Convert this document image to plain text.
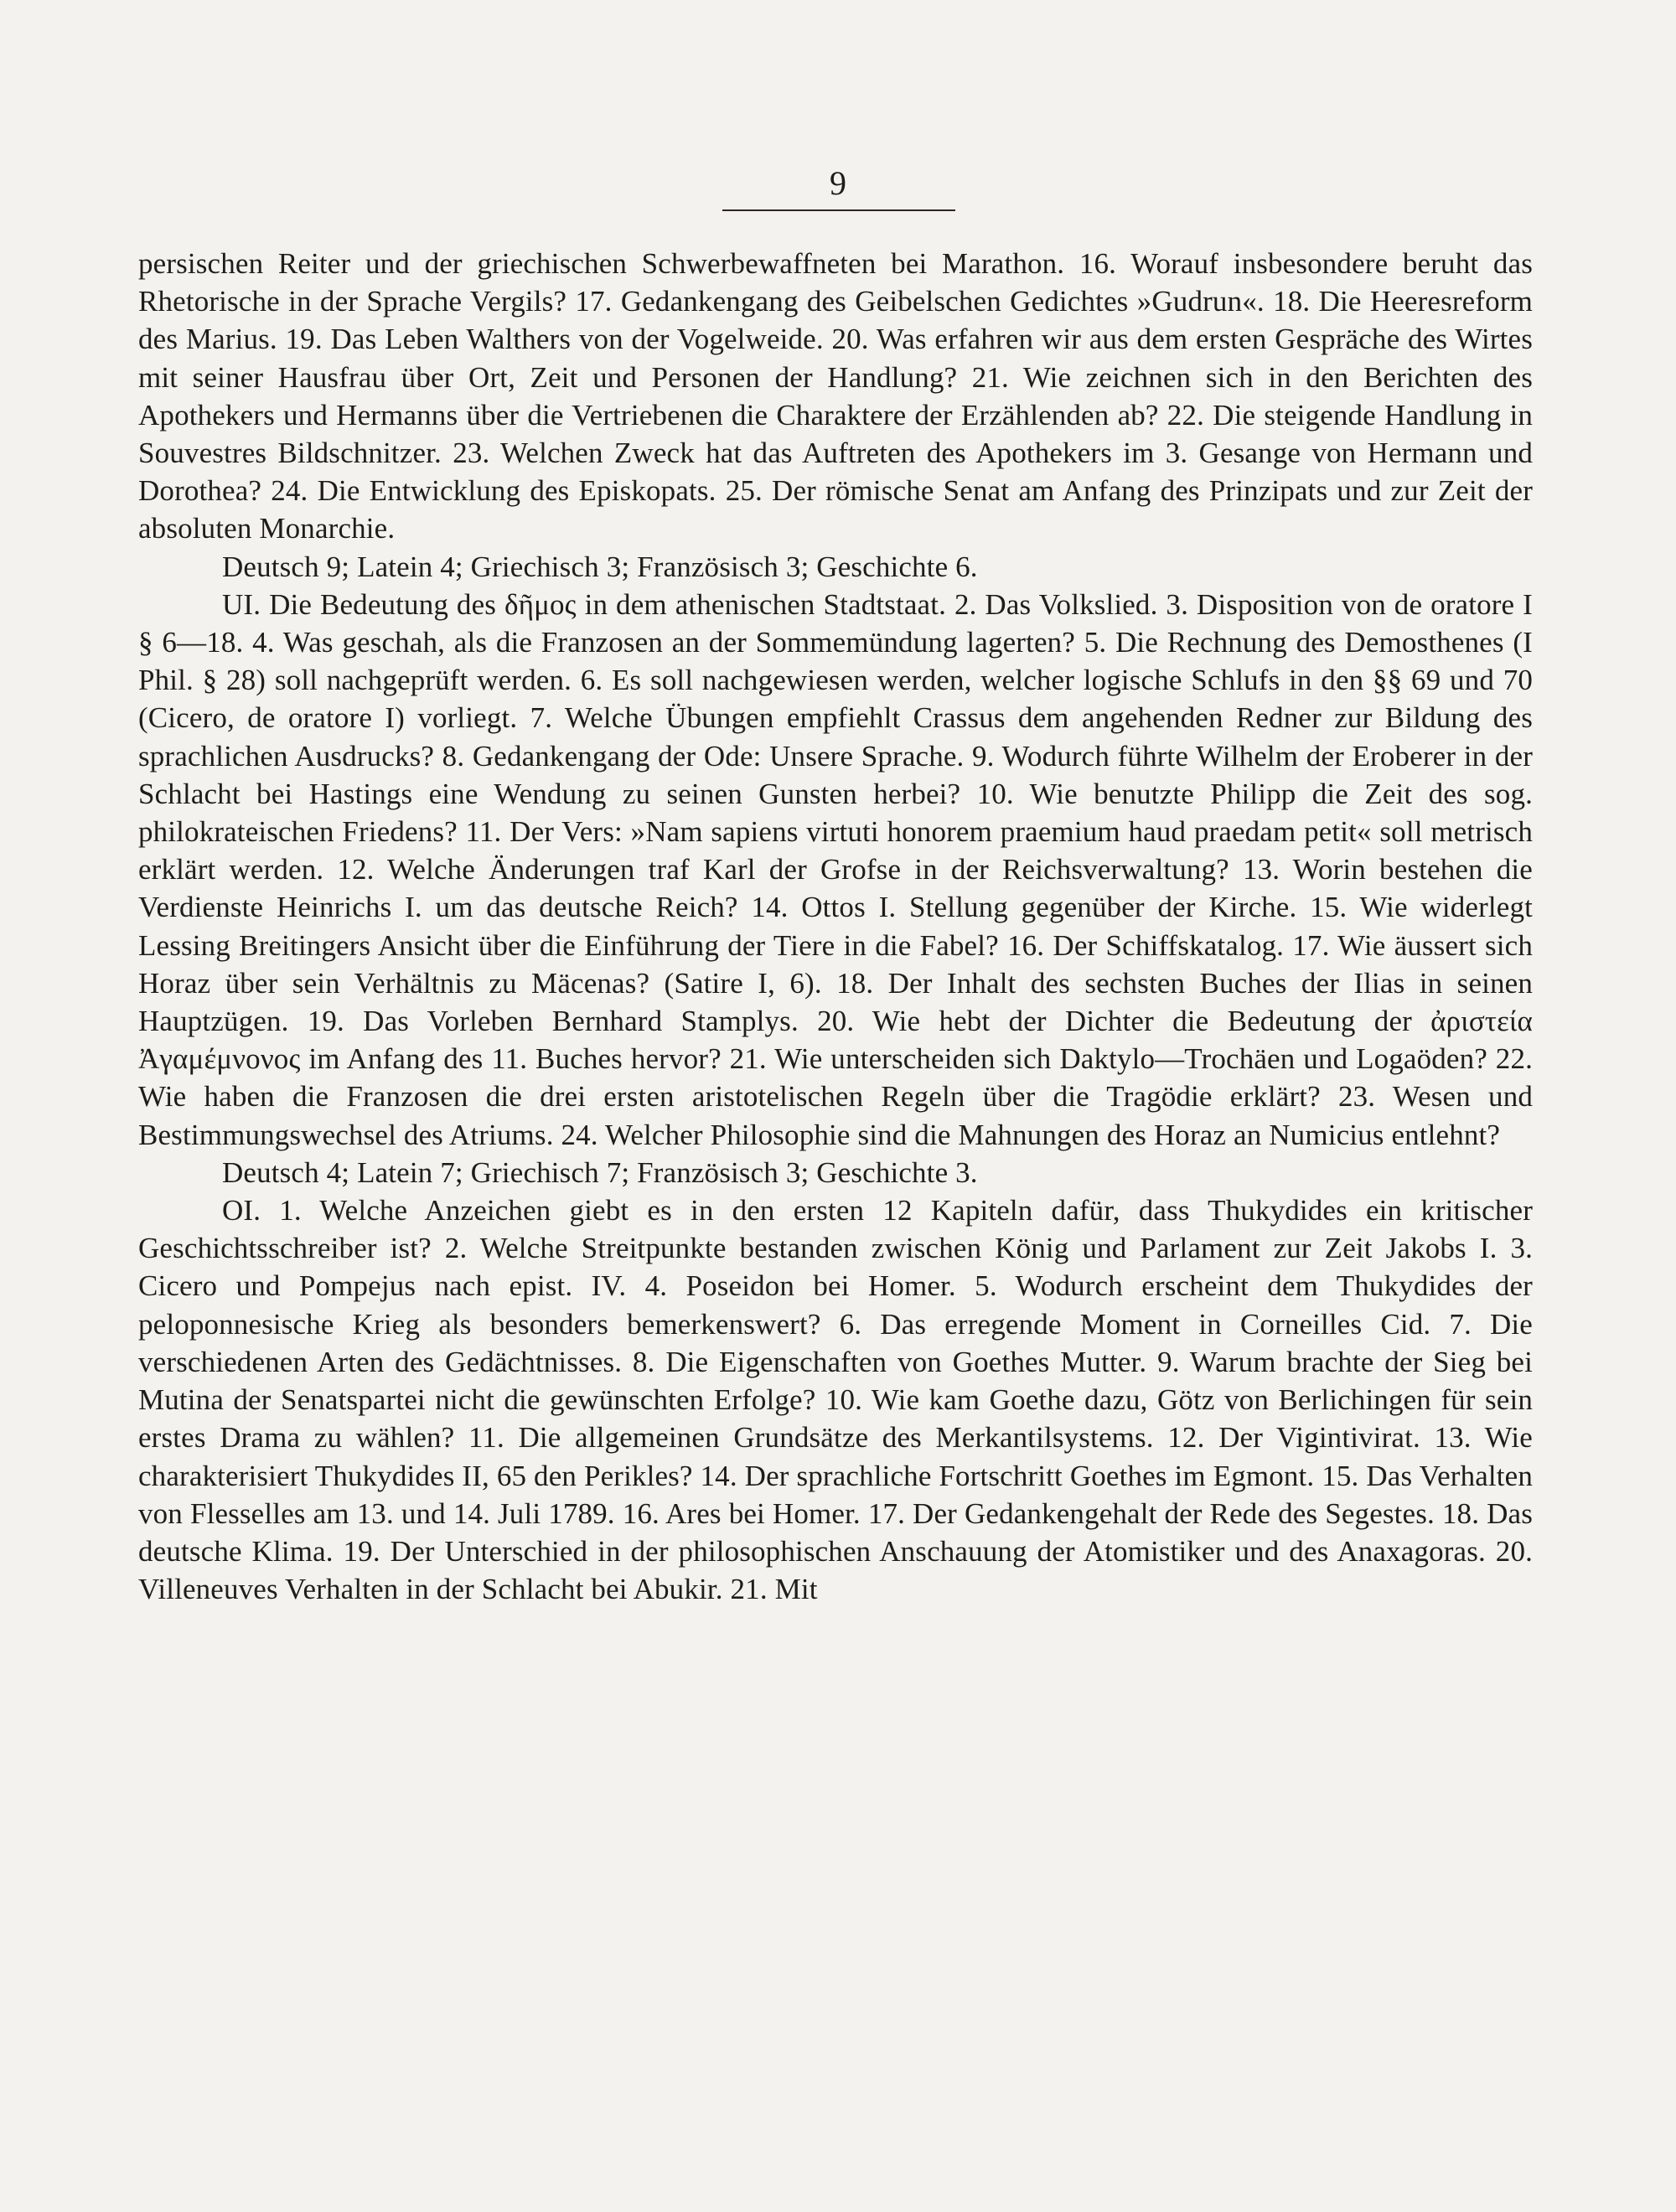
9

persischen Reiter und der griechischen Schwerbewaffneten bei Marathon. 16. Worauf insbesondere beruht das Rhetorische in der Sprache Vergils? 17. Gedankengang des Geibelschen Gedichtes »Gudrun«. 18. Die Heeresreform des Marius. 19. Das Leben Walthers von der Vogelweide. 20. Was erfahren wir aus dem ersten Gespräche des Wirtes mit seiner Hausfrau über Ort, Zeit und Personen der Handlung? 21. Wie zeichnen sich in den Berichten des Apothekers und Hermanns über die Vertriebenen die Charaktere der Erzählenden ab? 22. Die steigende Handlung in Souvestres Bildschnitzer. 23. Welchen Zweck hat das Auftreten des Apothekers im 3. Gesange von Hermann und Dorothea? 24. Die Entwicklung des Episkopats. 25. Der römische Senat am Anfang des Prinzipats und zur Zeit der absoluten Monarchie.

Deutsch 9; Latein 4; Griechisch 3; Französisch 3; Geschichte 6.

UI. Die Bedeutung des δῆμος in dem athenischen Stadtstaat. 2. Das Volkslied. 3. Disposition von de oratore I § 6—18. 4. Was geschah, als die Franzosen an der Sommemündung lagerten? 5. Die Rechnung des Demosthenes (I Phil. § 28) soll nachgeprüft werden. 6. Es soll nachgewiesen werden, welcher logische Schlufs in den §§ 69 und 70 (Cicero, de oratore I) vorliegt. 7. Welche Übungen empfiehlt Crassus dem angehenden Redner zur Bildung des sprachlichen Ausdrucks? 8. Gedankengang der Ode: Unsere Sprache. 9. Wodurch führte Wilhelm der Eroberer in der Schlacht bei Hastings eine Wendung zu seinen Gunsten herbei? 10. Wie benutzte Philipp die Zeit des sog. philokrateischen Friedens? 11. Der Vers: »Nam sapiens virtuti honorem praemium haud praedam petit« soll metrisch erklärt werden. 12. Welche Änderungen traf Karl der Grofse in der Reichsverwaltung? 13. Worin bestehen die Verdienste Heinrichs I. um das deutsche Reich? 14. Ottos I. Stellung gegenüber der Kirche. 15. Wie widerlegt Lessing Breitingers Ansicht über die Einführung der Tiere in die Fabel? 16. Der Schiffskatalog. 17. Wie äussert sich Horaz über sein Verhältnis zu Mäcenas? (Satire I, 6). 18. Der Inhalt des sechsten Buches der Ilias in seinen Hauptzügen. 19. Das Vorleben Bernhard Stamplys. 20. Wie hebt der Dichter die Bedeutung der ἀριστεία Ἀγαμέμνονος im Anfang des 11. Buches hervor? 21. Wie unterscheiden sich Daktylo—Trochäen und Logaöden? 22. Wie haben die Franzosen die drei ersten aristotelischen Regeln über die Tragödie erklärt? 23. Wesen und Bestimmungswechsel des Atriums. 24. Welcher Philosophie sind die Mahnungen des Horaz an Numicius entlehnt?

Deutsch 4; Latein 7; Griechisch 7; Französisch 3; Geschichte 3.

OI. 1. Welche Anzeichen giebt es in den ersten 12 Kapiteln dafür, dass Thukydides ein kritischer Geschichtsschreiber ist? 2. Welche Streitpunkte bestanden zwischen König und Parlament zur Zeit Jakobs I. 3. Cicero und Pompejus nach epist. IV. 4. Poseidon bei Homer. 5. Wodurch erscheint dem Thukydides der peloponnesische Krieg als besonders bemerkenswert? 6. Das erregende Moment in Corneilles Cid. 7. Die verschiedenen Arten des Gedächtnisses. 8. Die Eigenschaften von Goethes Mutter. 9. Warum brachte der Sieg bei Mutina der Senatspartei nicht die gewünschten Erfolge? 10. Wie kam Goethe dazu, Götz von Berlichingen für sein erstes Drama zu wählen? 11. Die allgemeinen Grundsätze des Merkantilsystems. 12. Der Vigintivirat. 13. Wie charakterisiert Thukydides II, 65 den Perikles? 14. Der sprachliche Fortschritt Goethes im Egmont. 15. Das Verhalten von Flesselles am 13. und 14. Juli 1789. 16. Ares bei Homer. 17. Der Gedankengehalt der Rede des Segestes. 18. Das deutsche Klima. 19. Der Unterschied in der philosophischen Anschauung der Atomistiker und des Anaxagoras. 20. Villeneuves Verhalten in der Schlacht bei Abukir. 21. Mit
